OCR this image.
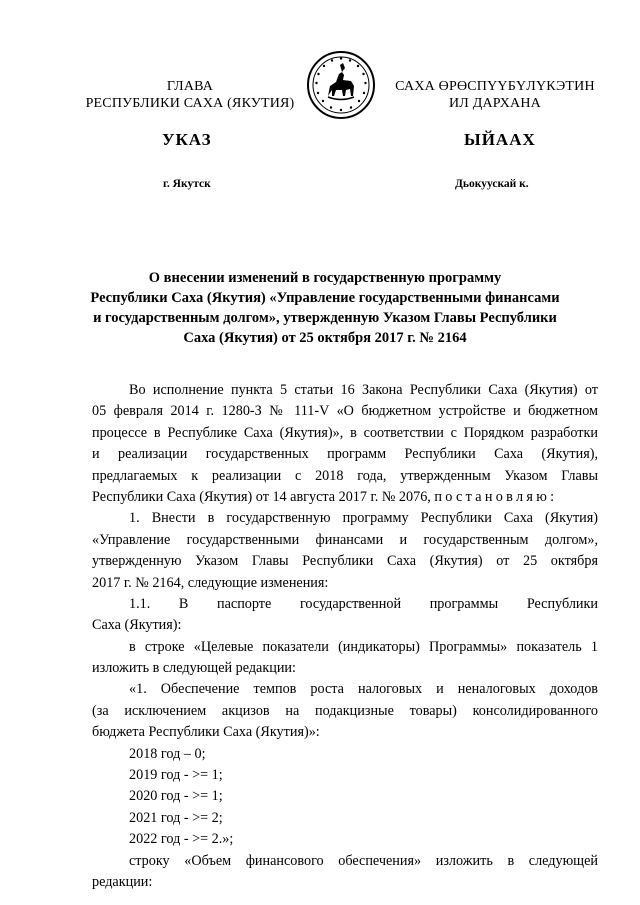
ГЛАВА
РЕСПУБЛИКИ САХА (ЯКУТИЯ)
САХА ӨРӨСПҮҮБҮЛҮКЭТИН
ИЛ ДАРХАНА
УКАЗ	ЫЙААХ
г. Якутск	Дьокуускай к.
О внесении изменений в государственную программу
Республики Саха (Якутия) «Управление государственными финансами
и государственным долгом», утвержденную Указом Главы Республики
Саха (Якутия) от 25 октября 2017 г. № 2164
Во исполнение пункта 5 статьи 16 Закона Республики Саха (Якутия) от
05 февраля 2014 г. 1280-З № 111-V «О бюджетном устройстве и бюджетном
процессе в Республике Саха (Якутия)», в соответствии с Порядком разработки
и реализации государственных программ Республики Саха (Якутия),
предлагаемых к реализации с 2018 года, утвержденным Указом Главы
Республики Саха (Якутия) от 14 августа 2017 г. № 2076, постановляю:
1. Внести в государственную программу Республики Саха (Якутия)
«Управление государственными финансами и государственным долгом»,
утвержденную Указом Главы Республики Саха (Якутия) от 25 октября
2017 г. № 2164, следующие изменения:
1.1. В паспорте государственной программы Республики
Саха (Якутия):
в строке «Целевые показатели (индикаторы) Программы» показатель 1
изложить в следующей редакции:
«1. Обеспечение темпов роста налоговых и неналоговых доходов
(за исключением акцизов на подакцизные товары) консолидированного
бюджета Республики Саха (Якутия)»:
2018 год – 0;
2019 год - >= 1;
2020 год - >= 1;
2021 год - >= 2;
2022 год - >= 2.»;
строку «Объем финансового обеспечения» изложить в следующей
редакции:
